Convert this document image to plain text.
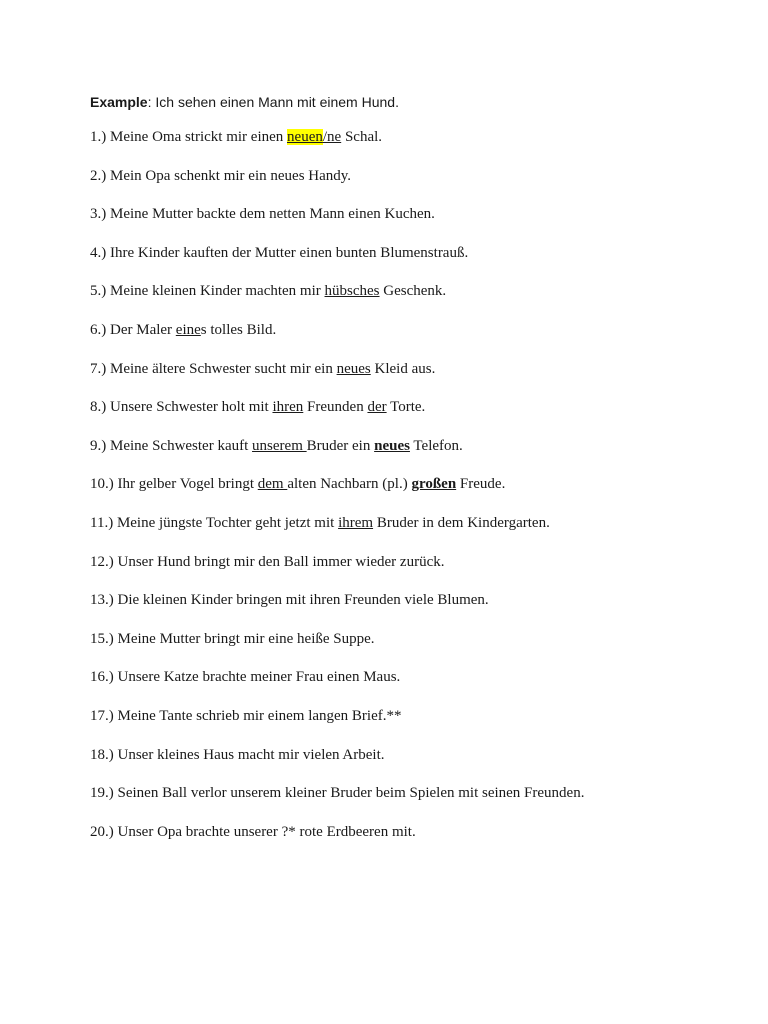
Example: Ich sehen einen Mann mit einem Hund.
1.) Meine Oma strickt mir einen neuen/ne Schal.
2.) Mein Opa schenkt mir ein neues Handy.
3.) Meine Mutter backte dem netten Mann einen Kuchen.
4.) Ihre Kinder kauften der Mutter einen bunten Blumenstrauß.
5.) Meine kleinen Kinder machten mir hübsches Geschenk.
6.) Der Maler eines tolles Bild.
7.) Meine ältere Schwester sucht mir ein neues Kleid aus.
8.) Unsere Schwester holt mit ihren Freunden der Torte.
9.) Meine Schwester kauft unserem Bruder ein neues Telefon.
10.) Ihr gelber Vogel bringt dem alten Nachbarn (pl.) großen Freude.
11.) Meine jüngste Tochter geht jetzt mit ihrem Bruder in dem Kindergarten.
12.) Unser Hund bringt mir den Ball immer wieder zurück.
13.) Die kleinen Kinder bringen mit ihren Freunden viele Blumen.
15.) Meine Mutter bringt mir eine heiße Suppe.
16.) Unsere Katze brachte meiner Frau einen Maus.
17.) Meine Tante schrieb mir einem langen Brief.**
18.) Unser kleines Haus macht mir vielen Arbeit.
19.) Seinen Ball verlor unserem kleiner Bruder beim Spielen mit seinen Freunden.
20.) Unser Opa brachte unserer ?* rote Erdbeeren mit.
